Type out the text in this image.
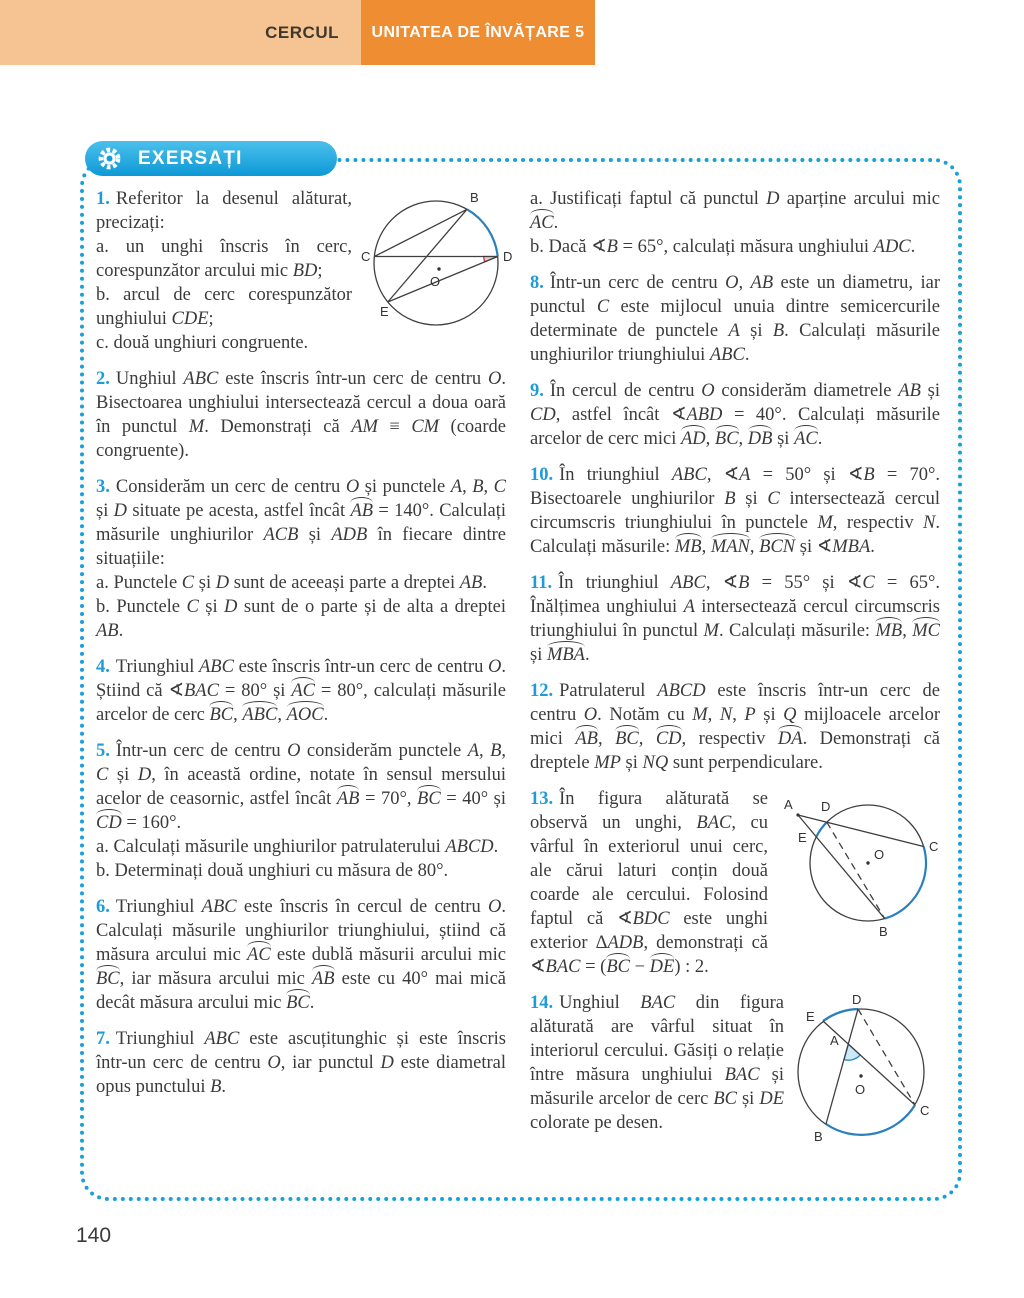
CERCUL UNITATEA DE ÎNVĂȚARE 5
EXERSAȚI
B
C	D
E
O

1. Referitor la desenul alăturat, precizați:

a. un unghi înscris în cerc, corespunzător arcului mic BD;

b. arcul de cerc corespunzător unghiului CDE;

c. două unghiuri congruente.

2. Unghiul ABC este înscris într-un cerc de centru O. Bisectoarea unghiului intersectează cercul a doua oară în punctul M. Demonstrați că AM ≡ CM (coarde congruente).

3. Considerăm un cerc de centru O și punctele A, B, C și D situate pe acesta, astfel încât AB = 140°. Calculați măsurile unghiurilor ACB și ADB în fiecare dintre situațiile:

a. Punctele C și D sunt de aceeași parte a dreptei AB.

b. Punctele C și D sunt de o parte și de alta a dreptei AB.

4. Triunghiul ABC este înscris într-un cerc de centru O. Știind că ∢BAC = 80° și AC = 80°, calculați măsurile arcelor de cerc BC, ABC, AOC.

5. Într-un cerc de centru O considerăm punctele A, B, C și D, în această ordine, notate în sensul mersului acelor de ceasornic, astfel încât AB = 70°, BC = 40° și CD = 160°.

a. Calculați măsurile unghiurilor patrulaterului ABCD.

b. Determinați două unghiuri cu măsura de 80°.

6. Triunghiul ABC este înscris în cercul de centru O. Calculați măsurile unghiurilor triunghiului, știind că măsura arcului mic AC este dublă măsurii arcului mic BC, iar măsura arcului mic AB este cu 40° mai mică decât măsura arcului mic BC.

7. Triunghiul ABC este ascuțitunghic și este înscris într-un cerc de centru O, iar punctul D este diametral opus punctului B.

a. Justificați faptul că punctul D aparține arcului mic AC.

b. Dacă ∢B = 65°, calculați măsura unghiului ADC.

8. Într-un cerc de centru O, AB este un diametru, iar punctul C este mijlocul unuia dintre semicercurile determinate de punctele A și B. Calculați măsurile unghiurilor triunghiului ABC.

9. În cercul de centru O considerăm diametrele AB și CD, astfel încât ∢ABD = 40°. Calculați măsurile arcelor de cerc mici AD, BC, DB și AC.

10. În triunghiul ABC, ∢A = 50° și ∢B = 70°. Bisectoarele unghiurilor B și C intersectează cercul circumscris triunghiului în punctele M, respectiv N. Calculați măsurile: MB, MAN, BCN și ∢MBA.

11. În triunghiul ABC, ∢B = 55° și ∢C = 65°. Înălțimea unghiului A intersectează cercul circumscris triunghiului în punctul M. Calculați măsurile: MB, MC și MBA.

12. Patrulaterul ABCD este înscris într-un cerc de centru O. Notăm cu M, N, P și Q mijloacele arcelor mici AB, BC, CD, respectiv DA. Demonstrați că dreptele MP și NQ sunt perpendiculare.

A D
E
C
B
O

13. În figura alăturată se observă un unghi, BAC, cu vârful în exteriorul unui cerc, ale cărui laturi conțin două coarde ale cercului. Folosind faptul că ∢BDC este unghi exterior ΔADB, demonstrați că ∢BAC = (BC − DE) : 2.

D
E
A
O
B
C

14. Unghiul BAC din figura alăturată are vârful situat în interiorul cercului. Găsiți o relație între măsura unghiului BAC și măsurile arcelor de cerc BC și DE colorate pe desen.

140
